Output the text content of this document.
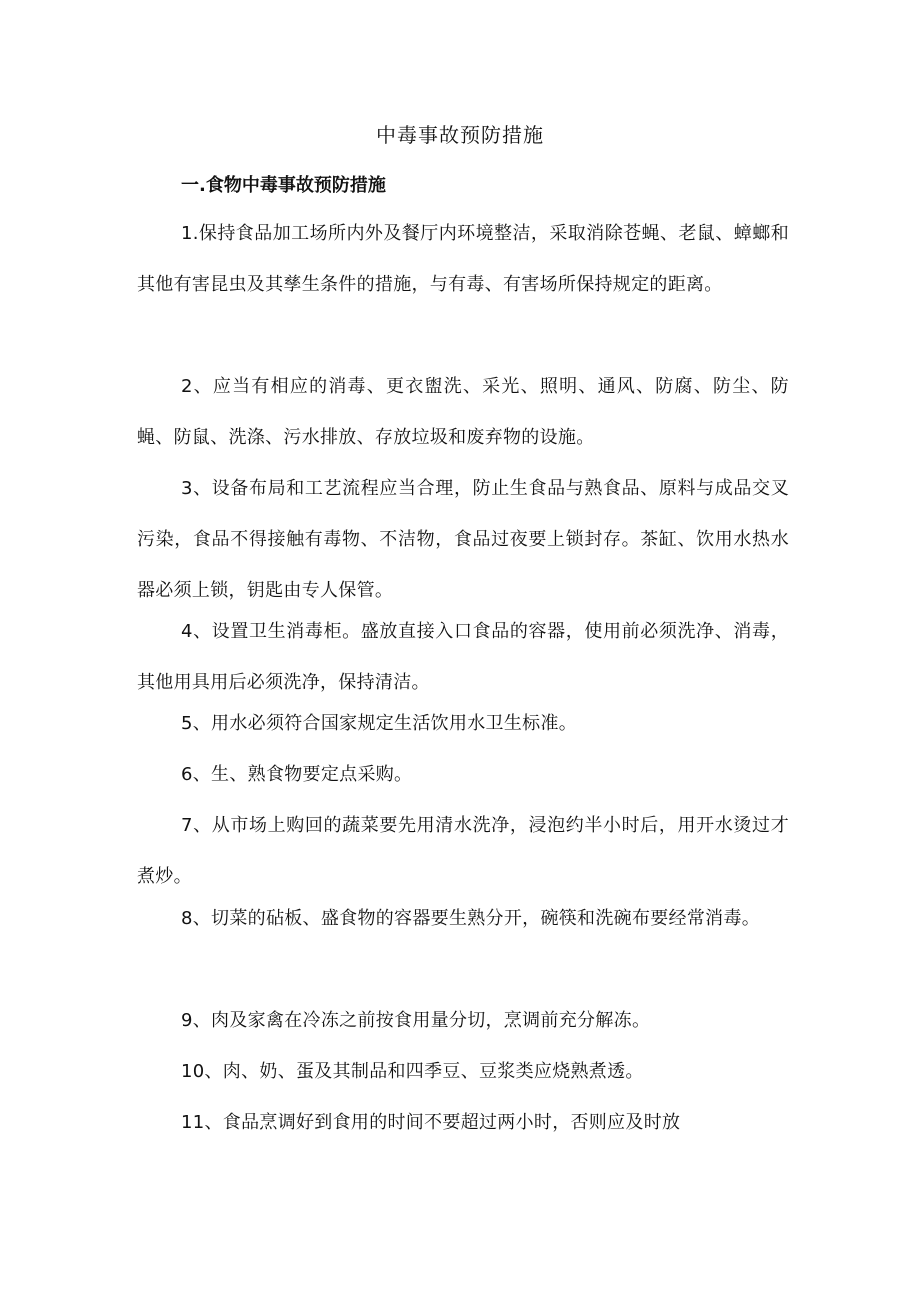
中毒事故预防措施
一.食物中毒事故预防措施

1.保持食品加工场所内外及餐厅内环境整洁，采取消除苍蝇、老鼠、蟑螂和其他有害昆虫及其孳生条件的措施，与有毒、有害场所保持规定的距离。

2、应当有相应的消毒、更衣盥洗、采光、照明、通风、防腐、防尘、防蝇、防鼠、洗涤、污水排放、存放垃圾和废弃物的设施。

3、设备布局和工艺流程应当合理，防止生食品与熟食品、原料与成品交叉污染，食品不得接触有毒物、不洁物，食品过夜要上锁封存。茶缸、饮用水热水器必须上锁，钥匙由专人保管。

4、设置卫生消毒柜。盛放直接入口食品的容器，使用前必须洗净、消毒，其他用具用后必须洗净，保持清洁。

5、用水必须符合国家规定生活饮用水卫生标准。

6、生、熟食物要定点采购。

7、从市场上购回的蔬菜要先用清水洗净，浸泡约半小时后，用开水烫过才煮炒。

8、切菜的砧板、盛食物的容器要生熟分开，碗筷和洗碗布要经常消毒。

9、肉及家禽在冷冻之前按食用量分切，烹调前充分解冻。

10、肉、奶、蛋及其制品和四季豆、豆浆类应烧熟煮透。

11、食品烹调好到食用的时间不要超过两小时，否则应及时放
